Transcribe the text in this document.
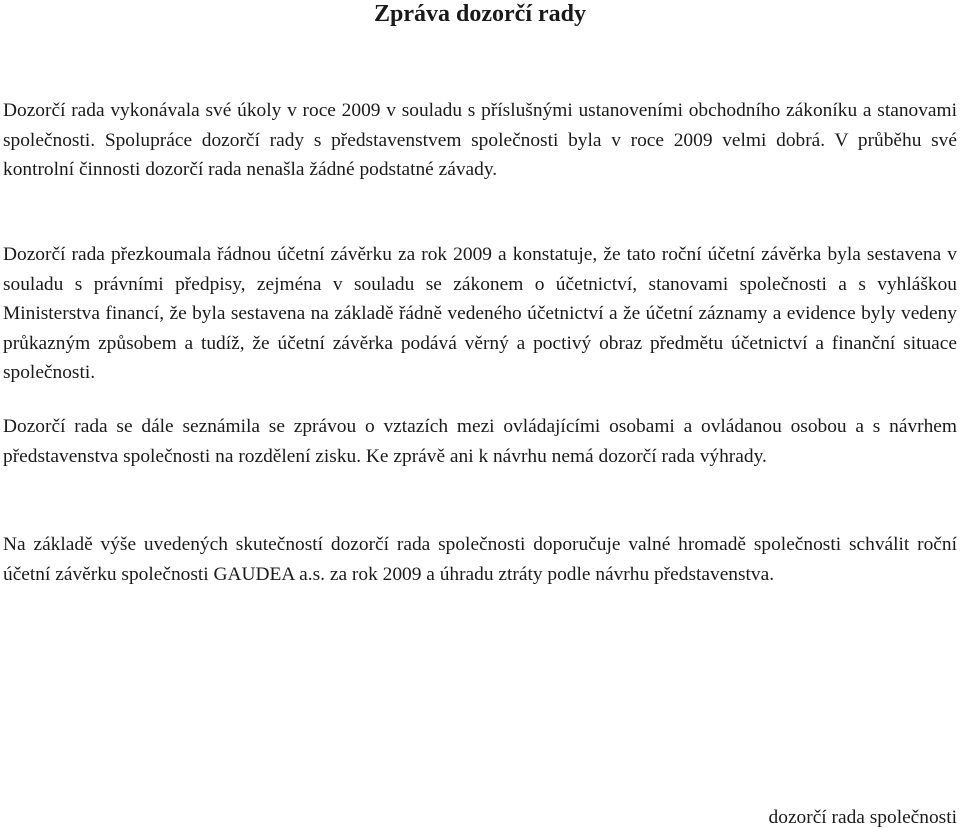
Zpráva dozorčí rady

Dozorčí rada vykonávala své úkoly v roce 2009 v souladu s příslušnými ustanoveními obchodního zákoníku a stanovami společnosti. Spolupráce dozorčí rady s představenstvem společnosti byla v roce 2009 velmi dobrá. V průběhu své kontrolní činnosti dozorčí rada nenašla žádné podstatné závady.

Dozorčí rada přezkoumala řádnou účetní závěrku za rok 2009 a konstatuje, že tato roční účetní závěrka byla sestavena v souladu s právními předpisy, zejména v souladu se zákonem o účetnictví, stanovami společnosti a s vyhláškou Ministerstva financí, že byla sestavena na základě řádně vedeného účetnictví a že účetní záznamy a evidence byly vedeny průkazným způsobem a tudíž, že účetní závěrka podává věrný a poctivý obraz předmětu účetnictví a finanční situace společnosti.

Dozorčí rada se dále seznámila se zprávou o vztazích mezi ovládajícími osobami a ovládanou osobou a s návrhem představenstva společnosti na rozdělení zisku. Ke zprávě ani k návrhu nemá dozorčí rada výhrady.

Na základě výše uvedených skutečností dozorčí rada společnosti doporučuje valné hromadě společnosti schválit roční účetní závěrku společnosti GAUDEA a.s. za rok 2009 a úhradu ztráty podle návrhu představenstva.

dozorčí rada společnosti
